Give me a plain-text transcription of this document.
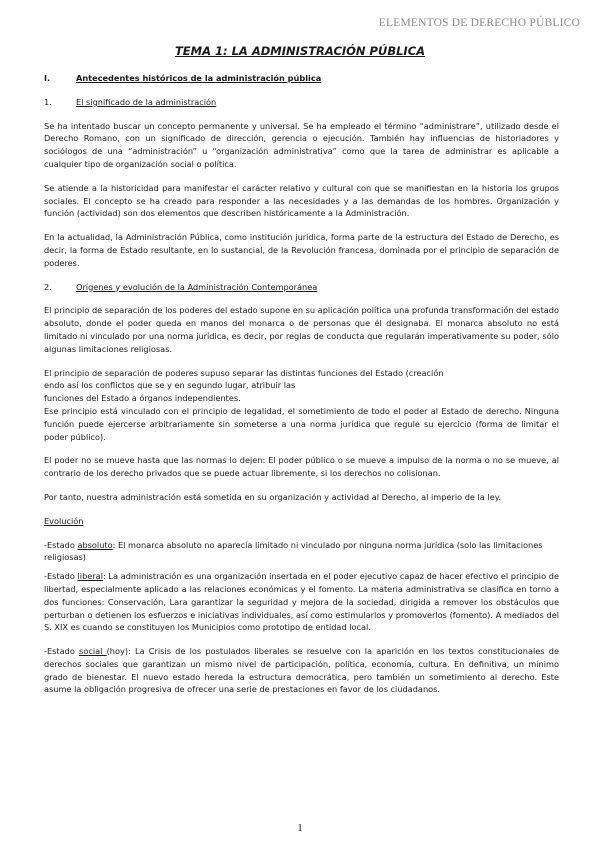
ELEMENTOS DE DERECHO PÚBLICO
TEMA 1: LA ADMINISTRACIÓN PÚBLICA
I.	Antecedentes históricos de la administración pública
1.	El significado de la administración

Se ha intentado buscar un concepto permanente y universal. Se ha empleado el término “administrare”, utilizado desde el Derecho Romano, con un significado de dirección, gerencia o ejecución. También hay influencias de historiadores y sociólogos de una “administración” u “organización administrativa” como que la tarea de administrar es aplicable a cualquier tipo de organización social o política.

Se atiende a la historicidad para manifestar el carácter relativo y cultural con que se manifiestan en la historia los grupos sociales. El concepto se ha creado para responder a las necesidades y a las demandas de los hombres. Organización y función (actividad) son dos elementos que describen históricamente a la Administración.

En la actualidad, la Administración Pública, como institución jurídica, forma parte de la estructura del Estado de Derecho, es decir, la forma de Estado resultante, en lo sustancial, de la Revolución francesa, dominada por el principio de separación de poderes.

2.	Orígenes y evolución de la Administración Contemporánea

El principio de separación de los poderes del estado supone en su aplicación política una profunda transformación del estado absoluto, donde el poder queda en manos del monarca o de personas que él designaba. El monarca absoluto no está limitado ni vinculado por una norma jurídica, es decir, por reglas de conducta que regularán imperativamente su poder, sólo algunas limitaciones religiosas.

El principio de separación de poderes supuso separar las distintas funciones del Estado (creación

endo así los conflictos que se y en segundo lugar, atribuir las

funciones del Estado a órganos independientes.

Ese principio está vinculado con el principio de legalidad, el sometimiento de todo el poder al Estado de derecho. Ninguna función puede ejercerse arbitrariamente sin someterse a una norma jurídica que regule su ejercicio (forma de limitar el poder público).

El poder no se mueve hasta que las normas lo dejen: El poder público o se mueve a impulso de la norma o no se mueve, al contrario de los derecho privados que se puede actuar libremente, si los derechos no colisionan.

Por tanto, nuestra administración está sometida en su organización y actividad al Derecho, al imperio de la ley.

Evolución

-Estado absoluto: El monarca absoluto no aparecía limitado ni vinculado por ninguna norma jurídica (solo las limitaciones religiosas)

-Estado liberal: La administración es una organización insertada en el poder ejecutivo capaz de hacer efectivo el principio de libertad, especialmente aplicado a las relaciones económicas y el fomento. La materia administrativa se clasifica en torno a dos funciones: Conservación, Lara garantizar la seguridad y mejora de la sociedad, dirigida a remover los obstáculos que perturban o detienen los esfuerzos e iniciativas individuales, así como estimularlos y promoverlos (fomento). A mediados del S. XIX es cuando se constituyen los Municipios como prototipo de entidad local.

-Estado social (hoy): La Crisis de los postulados liberales se resuelve con la aparición en los textos constitucionales de derechos sociales que garantizan un mismo nivel de participación, política, economía, cultura. En definitiva, un mínimo grado de bienestar. El nuevo estado hereda la estructura democrática, pero también un sometimiento al derecho. Este asume la obligación progresiva de ofrecer una serie de prestaciones en favor de los ciudadanos.

1
